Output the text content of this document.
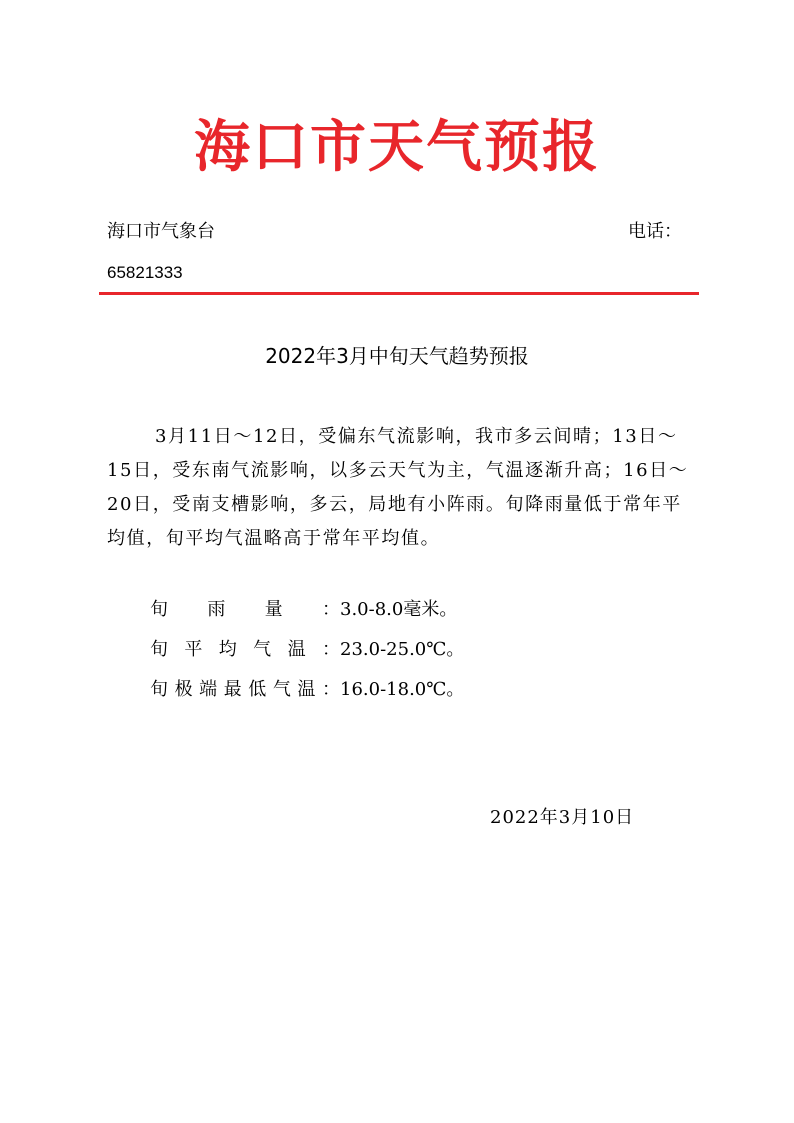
海口市天气预报
海口市气象台	电话：
65821333
2022年3月中旬天气趋势预报

3月11日～12日，受偏东气流影响，我市多云间晴；13日～15日，受东南气流影响，以多云天气为主，气温逐渐升高；16日～20日，受南支槽影响，多云，局地有小阵雨。旬降雨量低于常年平均值，旬平均气温略高于常年平均值。

旬 雨 量 ： 3.0-8.0毫米。
旬 平 均 气 温 ： 23.0-25.0℃。
旬 极 端 最 低 气 温 ： 16.0-18.0℃。
2022年3月10日
